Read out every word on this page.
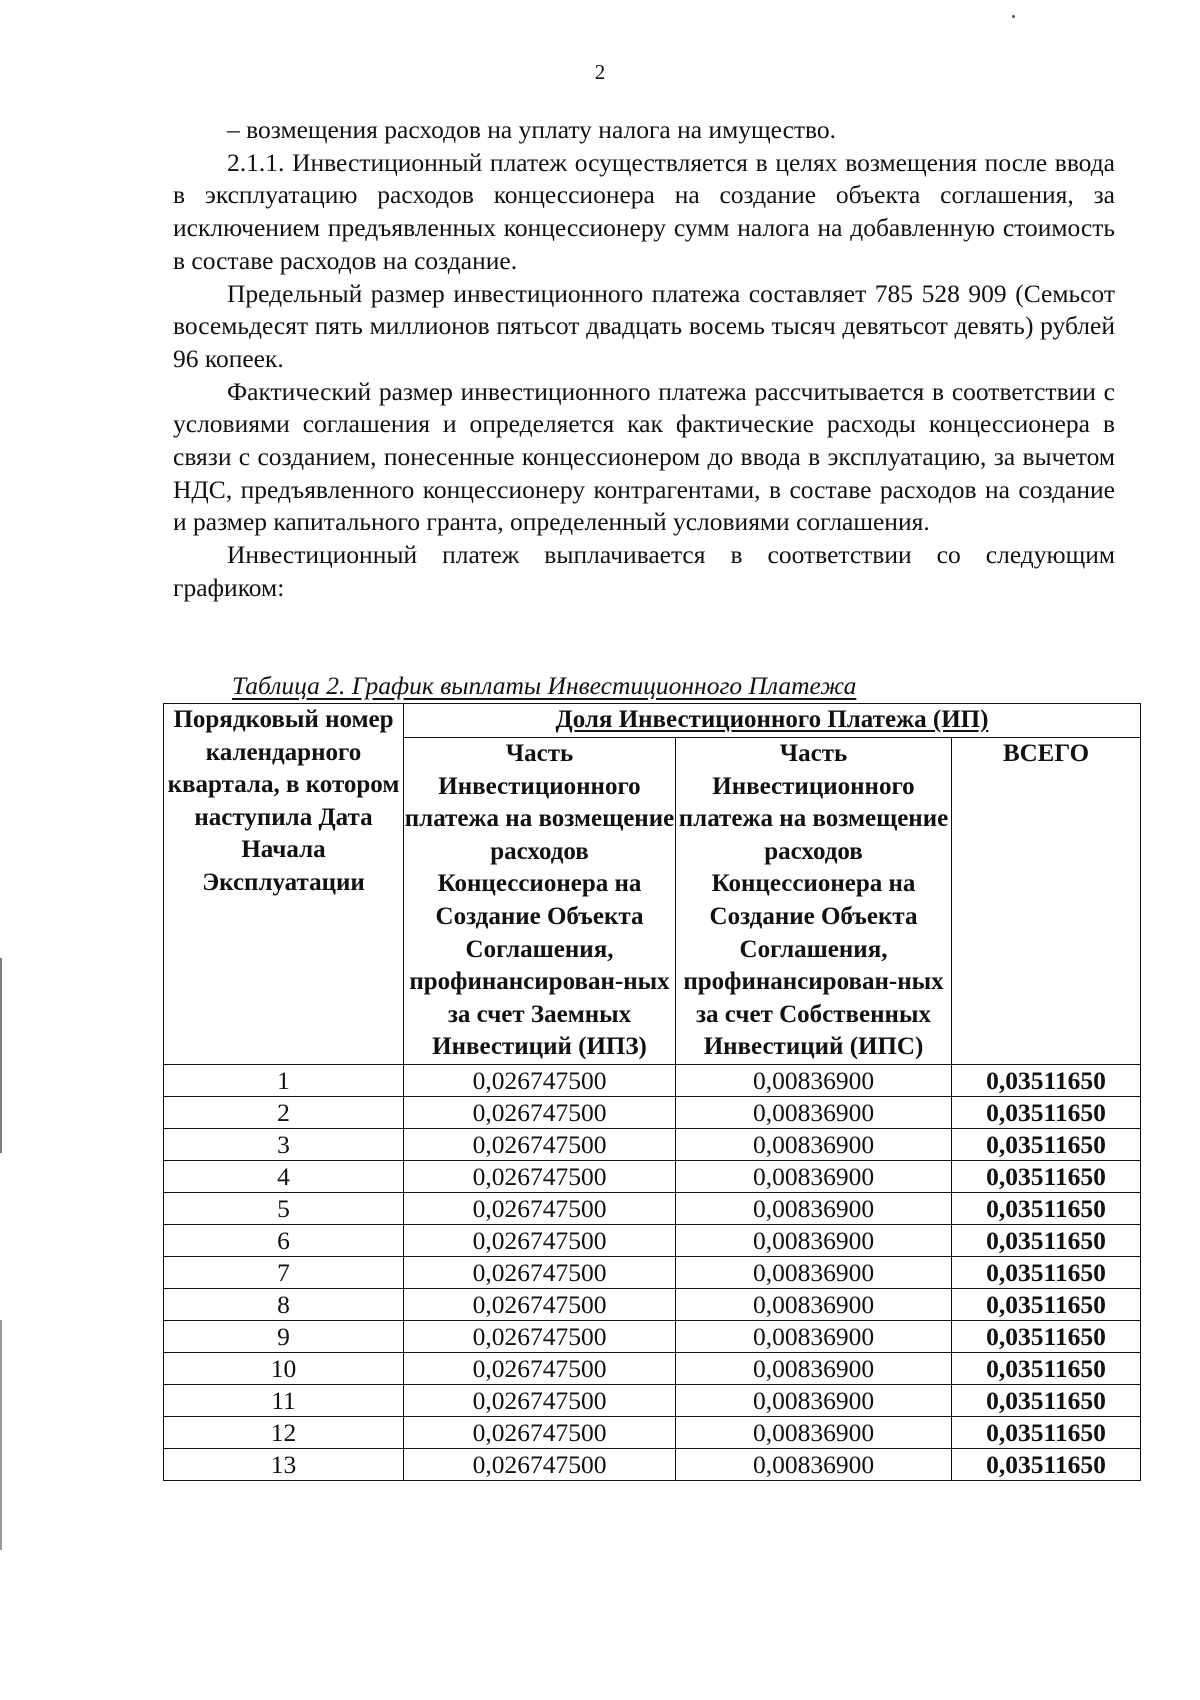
2

– возмещения расходов на уплату налога на имущество.

2.1.1. Инвестиционный платеж осуществляется в целях возмещения после ввода в эксплуатацию расходов концессионера на создание объекта соглашения, за исключением предъявленных концессионеру сумм налога на добавленную стоимость в составе расходов на создание.

Предельный размер инвестиционного платежа составляет 785 528 909 (Семьсот восемьдесят пять миллионов пятьсот двадцать восемь тысяч девятьсот девять) рублей 96 копеек.

Фактический размер инвестиционного платежа рассчитывается в соответствии с условиями соглашения и определяется как фактические расходы концессионера в связи с созданием, понесенные концессионером до ввода в эксплуатацию, за вычетом НДС, предъявленного концессионеру контрагентами, в составе расходов на создание и размер капитального гранта, определенный условиями соглашения.

Инвестиционный платеж выплачивается в соответствии со следующим графиком:

Таблица 2. График выплаты Инвестиционного Платежа
Порядковый номер календарного квартала, в котором наступила Дата Начала Эксплуатации	Доля Инвестиционного Платежа (ИП)		
	Часть Инвестиционного платежа на возмещение расходов Концессионера на Создание Объекта Соглашения, профинансирован-ных за счет Заемных Инвестиций (ИПЗ)	Часть Инвестиционного платежа на возмещение расходов Концессионера на Создание Объекта Соглашения, профинансирован-ных за счет Собственных Инвестиций (ИПС)	ВСЕГО
1	0,026747500	0,00836900	0,03511650
2	0,026747500	0,00836900	0,03511650
3	0,026747500	0,00836900	0,03511650
4	0,026747500	0,00836900	0,03511650
5	0,026747500	0,00836900	0,03511650
6	0,026747500	0,00836900	0,03511650
7	0,026747500	0,00836900	0,03511650
8	0,026747500	0,00836900	0,03511650
9	0,026747500	0,00836900	0,03511650
10	0,026747500	0,00836900	0,03511650
11	0,026747500	0,00836900	0,03511650
12	0,026747500	0,00836900	0,03511650
13	0,026747500	0,00836900	0,03511650
